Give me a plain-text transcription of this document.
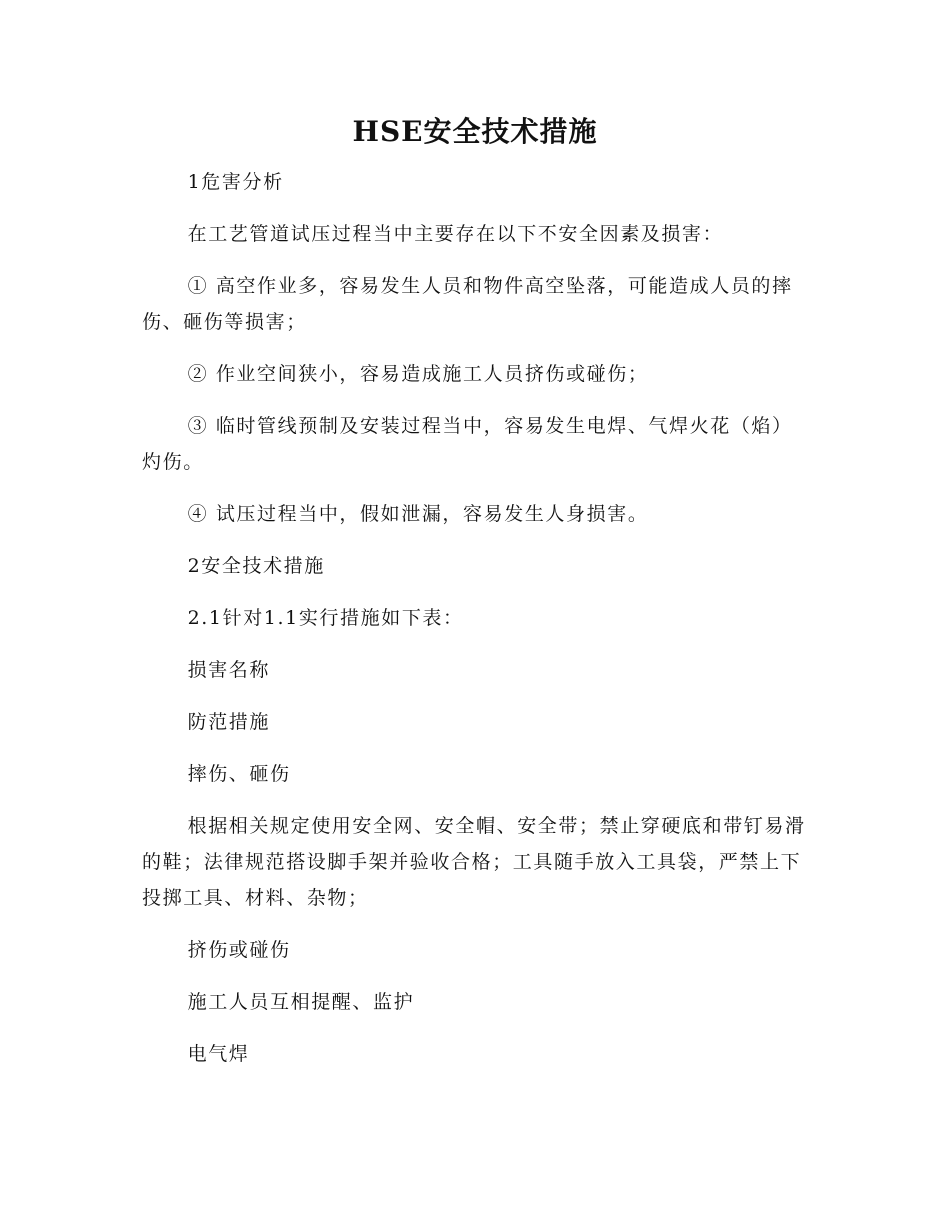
HSE安全技术措施

1危害分析

在工艺管道试压过程当中主要存在以下不安全因素及损害：

① 高空作业多，容易发生人员和物件高空坠落，可能造成人员的摔伤、砸伤等损害；

② 作业空间狭小，容易造成施工人员挤伤或碰伤；

③ 临时管线预制及安装过程当中，容易发生电焊、气焊火花（焰）灼伤。

④ 试压过程当中，假如泄漏，容易发生人身损害。

2安全技术措施

2.1针对1.1实行措施如下表：

损害名称

防范措施

摔伤、砸伤

根据相关规定使用安全网、安全帽、安全带；禁止穿硬底和带钉易滑的鞋；法律规范搭设脚手架并验收合格；工具随手放入工具袋，严禁上下投掷工具、材料、杂物；

挤伤或碰伤

施工人员互相提醒、监护

电气焊
